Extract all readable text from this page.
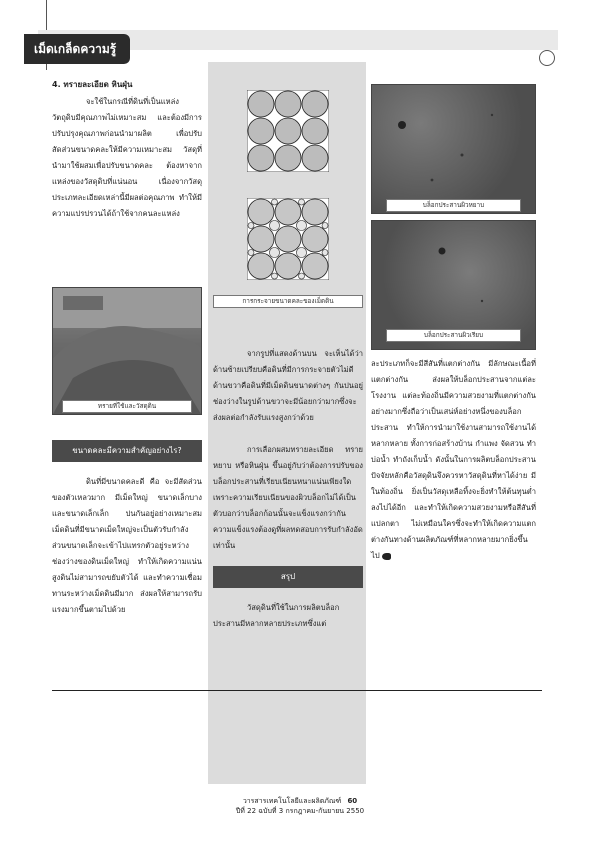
เม็ดเกล็ดความรู้
4. ทรายละเอียด หินฝุ่น

จะใช้ในกรณีที่ดินที่เป็นแหล่งวัตถุดิบมีคุณภาพไม่เหมาะสม และต้องมีการปรับปรุงคุณภาพก่อนนำมาผลิต เพื่อปรับสัดส่วนขนาดคละให้มีความเหมาะสม วัสดุที่นำมาใช้ผสมเพื่อปรับขนาดคละ ต้องหาจากแหล่งของวัสดุดิบที่แน่นอน เนื่องจากวัสดุประเภทละเอียดเหล่านี้มีผลต่อคุณภาพ ทำให้มีความแปรปรวนได้ถ้าใช้จากคนละแหล่ง

ทรายที่ใช้และวัสดุดิน
ขนาดคละมีความสำคัญอย่างไร?

ดินที่มีขนาดคละดี คือ จะมีสัดส่วนของตัวเหลวมาก มีเม็ดใหญ่ ขนาดเล็กบาง และขนาดเล็กเล็ก ปนกันอยู่อย่างเหมาะสม เม็ดดินที่มีขนาดเม็ดใหญ่จะเป็นตัวรับกำลัง ส่วนขนาดเล็กจะเข้าไปแทรกตัวอยู่ระหว่างช่องว่างของดินเม็ดใหญ่ ทำให้เกิดความแน่นสูงดินไม่สามารถขยับตัวได้ และทำความเชื่อมทานระหว่างเม็ดดินมีมาก ส่งผลให้สามารถรับแรงมากขึ้นตามไปด้วย

การกระจายขนาดคละของเม็ดดิน

จากรูปที่แสดงด้านบน จะเห็นได้ว่า ด้านซ้ายเปรียบคือดินที่มีการกระจายตัวไม่ดี ด้านขวาคือดินที่มีเม็ดดินขนาดต่างๆ กันปนอยู่ ช่องว่างในรูปด้านขวาจะมีน้อยกว่ามากซึ่งจะส่งผลต่อกำลังรับแรงสูงกว่าด้วย

การเลือกผสมทรายละเอียด ทรายหยาบ หรือหินฝุ่น ขึ้นอยู่กับว่าต้องการปรับของบล็อกประสานที่เรียบเนียนหนาแน่นเพียงใด เพราะความเรียบเนียนของผิวบล็อกไม่ได้เป็นตัวบอกว่าบล็อกก้อนนั้นจะแข็งแรงกว่ากัน ความแข็งแรงต้องดูที่ผลทดสอบการรับกำลังอัดเท่านั้น

สรุป

วัสดุดินที่ใช้ในการผลิตบล็อกประสานมีหลากหลายประเภทซึ่งแต่

บล็อกประสานผิวหยาบ
บล็อกประสานผิวเรียบ

ละประเภทก็จะมีสีสันที่แตกต่างกัน มีลักษณะเนื้อที่แตกต่างกัน ส่งผลให้บล็อกประสานจากแต่ละโรงงาน แต่ละท้องถิ่นมีความสวยงามที่แตกต่างกันอย่างมากซึ่งถือว่าเป็นเสน่ห์อย่างหนึ่งของบล็อกประสาน ทำให้การนำมาใช้งานสามารถใช้งานได้หลากหลาย ทั้งการก่อสร้างบ้าน กำแพง จัดสวน ทำบ่อน้ำ ทำถังเก็บน้ำ ดังนั้นในการผลิตบล็อกประสานปัจจัยหลักคือวัสดุดินจึงควรหาวัสดุดินที่หาได้ง่าย มีในท้องถิ่น ยิ่งเป็นวัสดุเหลือทิ้งจะยิ่งทำให้ต้นทุนต่ำลงไปได้อีก และทำให้เกิดความสวยงามหรือสีสันที่แปลกตา ไม่เหมือนใครซึ่งจะทำให้เกิดความแตกต่างกันทางด้านผลิตภัณฑ์ที่หลากหลายมากยิ่งขึ้นไป

วารสารเทคโนโลยีและผลิตภัณฑ์ 60
ปีที่ 22 ฉบับที่ 3 กรกฎาคม-กันยายน 2550
